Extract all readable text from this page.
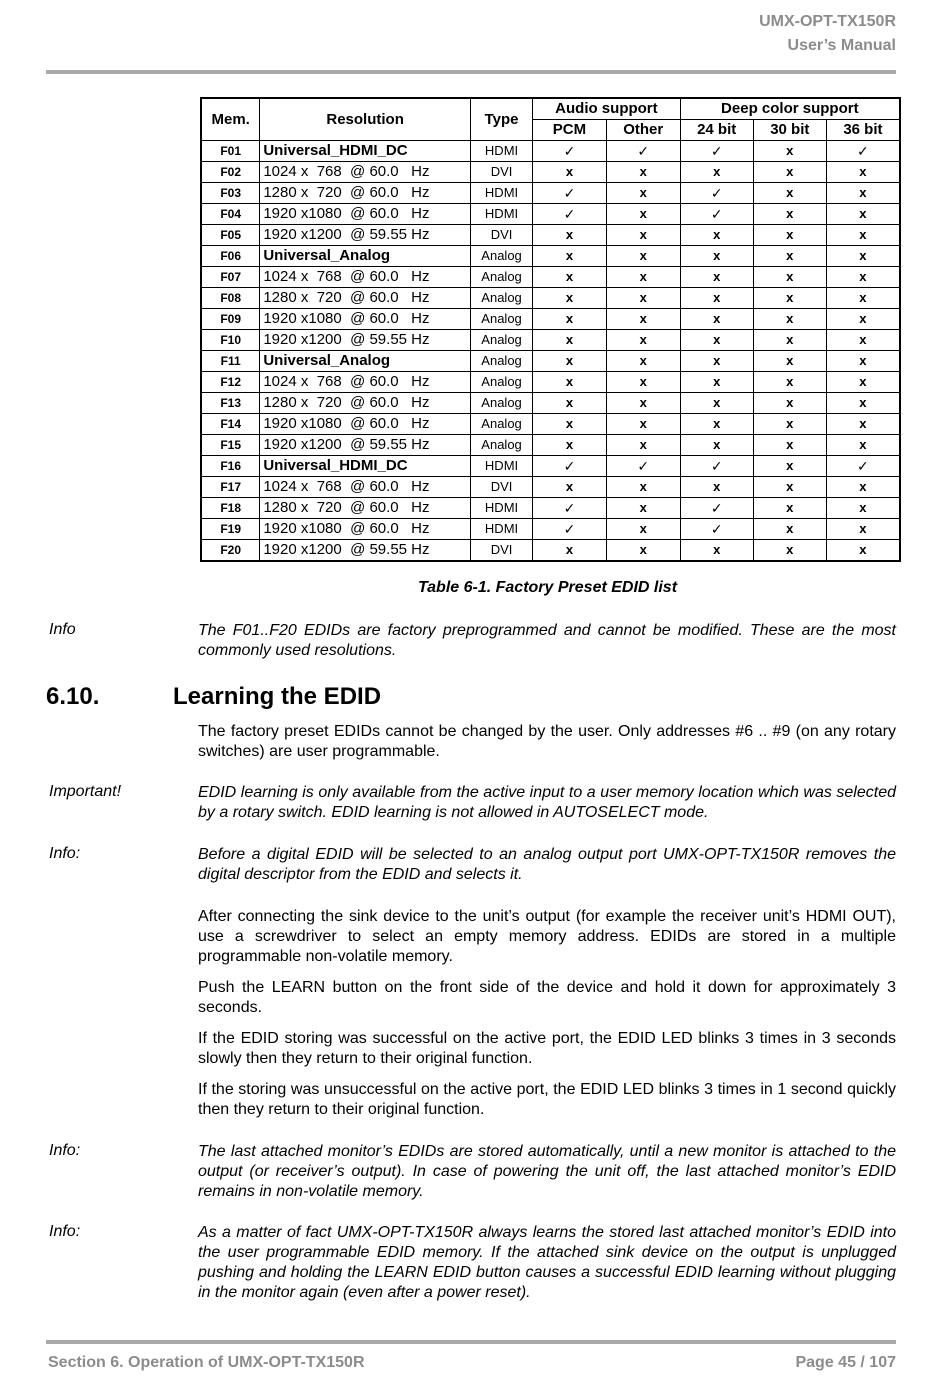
UMX-OPT-TX150R
User’s Manual
Mem.	Resolution	Type	Audio support		Deep color support		
			PCM	Other	24 bit	30 bit	36 bit
F01	Universal_HDMI_DC	HDMI	✓	✓	✓	x	✓
F02	1024 x  768  @ 60.0   Hz	DVI	x	x	x	x	x
F03	1280 x  720  @ 60.0   Hz	HDMI	✓	x	✓	x	x
F04	1920 x1080  @ 60.0   Hz	HDMI	✓	x	✓	x	x
F05	1920 x1200  @ 59.55 Hz	DVI	x	x	x	x	x
F06	Universal_Analog	Analog	x	x	x	x	x
F07	1024 x  768  @ 60.0   Hz	Analog	x	x	x	x	x
F08	1280 x  720  @ 60.0   Hz	Analog	x	x	x	x	x
F09	1920 x1080  @ 60.0   Hz	Analog	x	x	x	x	x
F10	1920 x1200  @ 59.55 Hz	Analog	x	x	x	x	x
F11	Universal_Analog	Analog	x	x	x	x	x
F12	1024 x  768  @ 60.0   Hz	Analog	x	x	x	x	x
F13	1280 x  720  @ 60.0   Hz	Analog	x	x	x	x	x
F14	1920 x1080  @ 60.0   Hz	Analog	x	x	x	x	x
F15	1920 x1200  @ 59.55 Hz	Analog	x	x	x	x	x
F16	Universal_HDMI_DC	HDMI	✓	✓	✓	x	✓
F17	1024 x  768  @ 60.0   Hz	DVI	x	x	x	x	x
F18	1280 x  720  @ 60.0   Hz	HDMI	✓	x	✓	x	x
F19	1920 x1080  @ 60.0   Hz	HDMI	✓	x	✓	x	x
F20	1920 x1200  @ 59.55 Hz	DVI	x	x	x	x	x
Table 6-1. Factory Preset EDID list
Info	The F01..F20 EDIDs are factory preprogrammed and cannot be modified. These are the most commonly used resolutions.
6.10.	Learning the EDID
The factory preset EDIDs cannot be changed by the user. Only addresses #6 .. #9 (on any rotary switches) are user programmable.
Important!	EDID learning is only available from the active input to a user memory location which was selected by a rotary switch. EDID learning is not allowed in AUTOSELECT mode.
Info:	Before a digital EDID will be selected to an analog output port UMX-OPT-TX150R removes the digital descriptor from the EDID and selects it.
After connecting the sink device to the unit’s output (for example the receiver unit’s HDMI OUT), use a screwdriver to select an empty memory address. EDIDs are stored in a multiple programmable non-volatile memory.
Push the LEARN button on the front side of the device and hold it down for approximately 3 seconds.
If the EDID storing was successful on the active port, the EDID LED blinks 3 times in 3 seconds slowly then they return to their original function.
If the storing was unsuccessful on the active port, the EDID LED blinks 3 times in 1 second quickly then they return to their original function.
Info:	The last attached monitor’s EDIDs are stored automatically, until a new monitor is attached to the output (or receiver’s output). In case of powering the unit off, the last attached monitor’s EDID remains in non-volatile memory.
Info:	As a matter of fact UMX-OPT-TX150R always learns the stored last attached monitor’s EDID into the user programmable EDID memory. If the attached sink device on the output is unplugged pushing and holding the LEARN EDID button causes a successful EDID learning without plugging in the monitor again (even after a power reset).
Section 6. Operation of UMX-OPT-TX150R	Page 45 / 107
